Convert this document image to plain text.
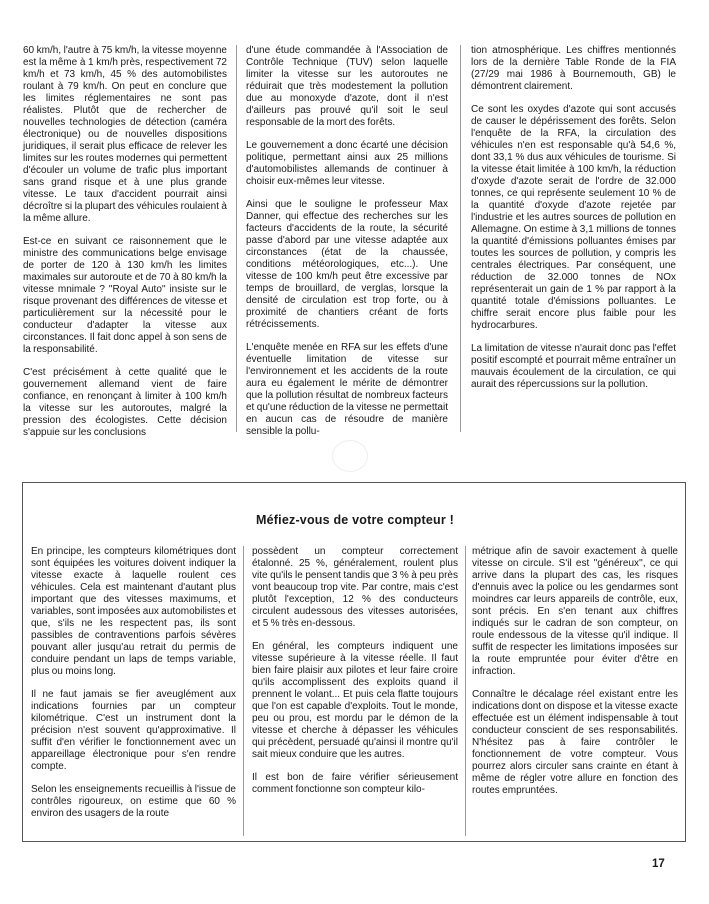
60 km/h, l'autre à 75 km/h, la vitesse moyenne est la même à 1 km/h près, respectivement 72 km/h et 73 km/h, 45 % des automobilistes roulant à 79 km/h. On peut en conclure que les limites réglementaires ne sont pas réalistes. Plutôt que de rechercher de nouvelles technologies de détection (caméra électronique) ou de nouvelles dispositions juridiques, il serait plus efficace de relever les limites sur les routes modernes qui permettent d'écouler un volume de trafic plus important sans grand risque et à une plus grande vitesse. Le taux d'accident pourrait ainsi décroître si la plupart des véhicules roulaient à la même allure.

Est-ce en suivant ce raisonnement que le ministre des communications belge envisage de porter de 120 à 130 km/h les limites maximales sur autoroute et de 70 à 80 km/h la vitesse mnimale ? ''Royal Auto'' insiste sur le risque provenant des différences de vitesse et particulièrement sur la nécessité pour le conducteur d'adapter la vitesse aux circonstances. Il fait donc appel à son sens de la responsabilité.

C'est précisément à cette qualité que le gouvernement allemand vient de faire confiance, en renonçant à limiter à 100 km/h la vitesse sur les autoroutes, malgré la pression des écologistes. Cette décision s'appuie sur les conclusions

d'une étude commandée à l'Association de Contrôle Technique (TUV) selon laquelle limiter la vitesse sur les autoroutes ne réduirait que très modestement la pollution due au monoxyde d'azote, dont il n'est d'ailleurs pas prouvé qu'il soit le seul responsable de la mort des forêts.

Le gouvernement a donc écarté une décision politique, permettant ainsi aux 25 millions d'automobilistes allemands de continuer à choisir eux-mêmes leur vitesse.

Ainsi que le souligne le professeur Max Danner, qui effectue des recherches sur les facteurs d'accidents de la route, la sécurité passe d'abord par une vitesse adaptée aux circonstances (état de la chaussée, conditions météorologiques, etc...). Une vitesse de 100 km/h peut être excessive par temps de brouillard, de verglas, lorsque la densité de circulation est trop forte, ou à proximité de chantiers créant de forts rétrécissements.

L'enquête menée en RFA sur les effets d'une éventuelle limitation de vitesse sur l'environnement et les accidents de la route aura eu également le mérite de démontrer que la pollution résultat de nombreux facteurs et qu'une réduction de la vitesse ne permettait en aucun cas de résoudre de manière sensible la pollu-

tion atmosphérique. Les chiffres mentionnés lors de la dernière Table Ronde de la FIA (27/29 mai 1986 à Bournemouth, GB) le démontrent clairement.

Ce sont les oxydes d'azote qui sont accusés de causer le dépérissement des forêts. Selon l'enquête de la RFA, la circulation des véhicules n'en est responsable qu'à 54,6 %, dont 33,1 % dus aux véhicules de tourisme. Si la vitesse était limitée à 100 km/h, la réduction d'oxyde d'azote serait de l'ordre de 32.000 tonnes, ce qui représente seulement 10 % de la quantité d'oxyde d'azote rejetée par l'industrie et les autres sources de pollution en Allemagne. On estime à 3,1 millions de tonnes la quantité d'émissions polluantes émises par toutes les sources de pollution, y compris les centrales électriques. Par conséquent, une réduction de 32.000 tonnes de NOx représenterait un gain de 1 % par rapport à la quantité totale d'émissions polluantes. Le chiffre serait encore plus faible pour les hydrocarbures.

La limitation de vitesse n'aurait donc pas l'effet positif escompté et pourrait même entraîner un mauvais écoulement de la circulation, ce qui aurait des répercussions sur la pollution.

Méfiez-vous de votre compteur !

En principe, les compteurs kilométriques dont sont équipées les voitures doivent indiquer la vitesse exacte à laquelle roulent ces véhicules. Cela est maintenant d'autant plus important que des vitesses maximums, et variables, sont imposées aux automobilistes et que, s'ils ne les respectent pas, ils sont passibles de contraventions parfois sévères pouvant aller jusqu'au retrait du permis de conduire pendant un laps de temps variable, plus ou moins long.

Il ne faut jamais se fier aveuglément aux indications fournies par un compteur kilométrique. C'est un instrument dont la précision n'est souvent qu'approximative. Il suffit d'en vérifier le fonctionnement avec un appareillage électronique pour s'en rendre compte.

Selon les enseignements recueillis à l'issue de contrôles rigoureux, on estime que 60 % environ des usagers de la route

possèdent un compteur correctement étalonné. 25 %, généralement, roulent plus vite qu'ils le pensent tandis que 3 % à peu près vont beaucoup trop vite. Par contre, mais c'est plutôt l'exception, 12 % des conducteurs circulent audessous des vitesses autorisées, et 5 % très en-dessous.

En général, les compteurs indiquent une vitesse supérieure à la vitesse réelle. Il faut bien faire plaisir aux pilotes et leur faire croire qu'ils accomplissent des exploits quand il prennent le volant... Et puis cela flatte toujours que l'on est capable d'exploits. Tout le monde, peu ou prou, est mordu par le démon de la vitesse et cherche à dépasser les véhicules qui précèdent, persuadé qu'ainsi il montre qu'il sait mieux conduire que les autres.

Il est bon de faire vérifier sérieusement comment fonctionne son compteur kilo-

métrique afin de savoir exactement à quelle vitesse on circule. S'il est ''généreux'', ce qui arrive dans la plupart des cas, les risques d'ennuis avec la police ou les gendarmes sont moindres car leurs appareils de contrôle, eux, sont précis. En s'en tenant aux chiffres indiqués sur le cadran de son compteur, on roule endessous de la vitesse qu'il indique. Il suffit de respecter les limitations imposées sur la route empruntée pour éviter d'être en infraction.

Connaître le décalage réel existant entre les indications dont on dispose et la vitesse exacte effectuée est un élément indispensable à tout conducteur conscient de ses responsabilités. N'hésitez pas à faire contrôler le fonctionnement de votre compteur. Vous pourrez alors circuler sans crainte en étant à même de régler votre allure en fonction des routes empruntées.

17
